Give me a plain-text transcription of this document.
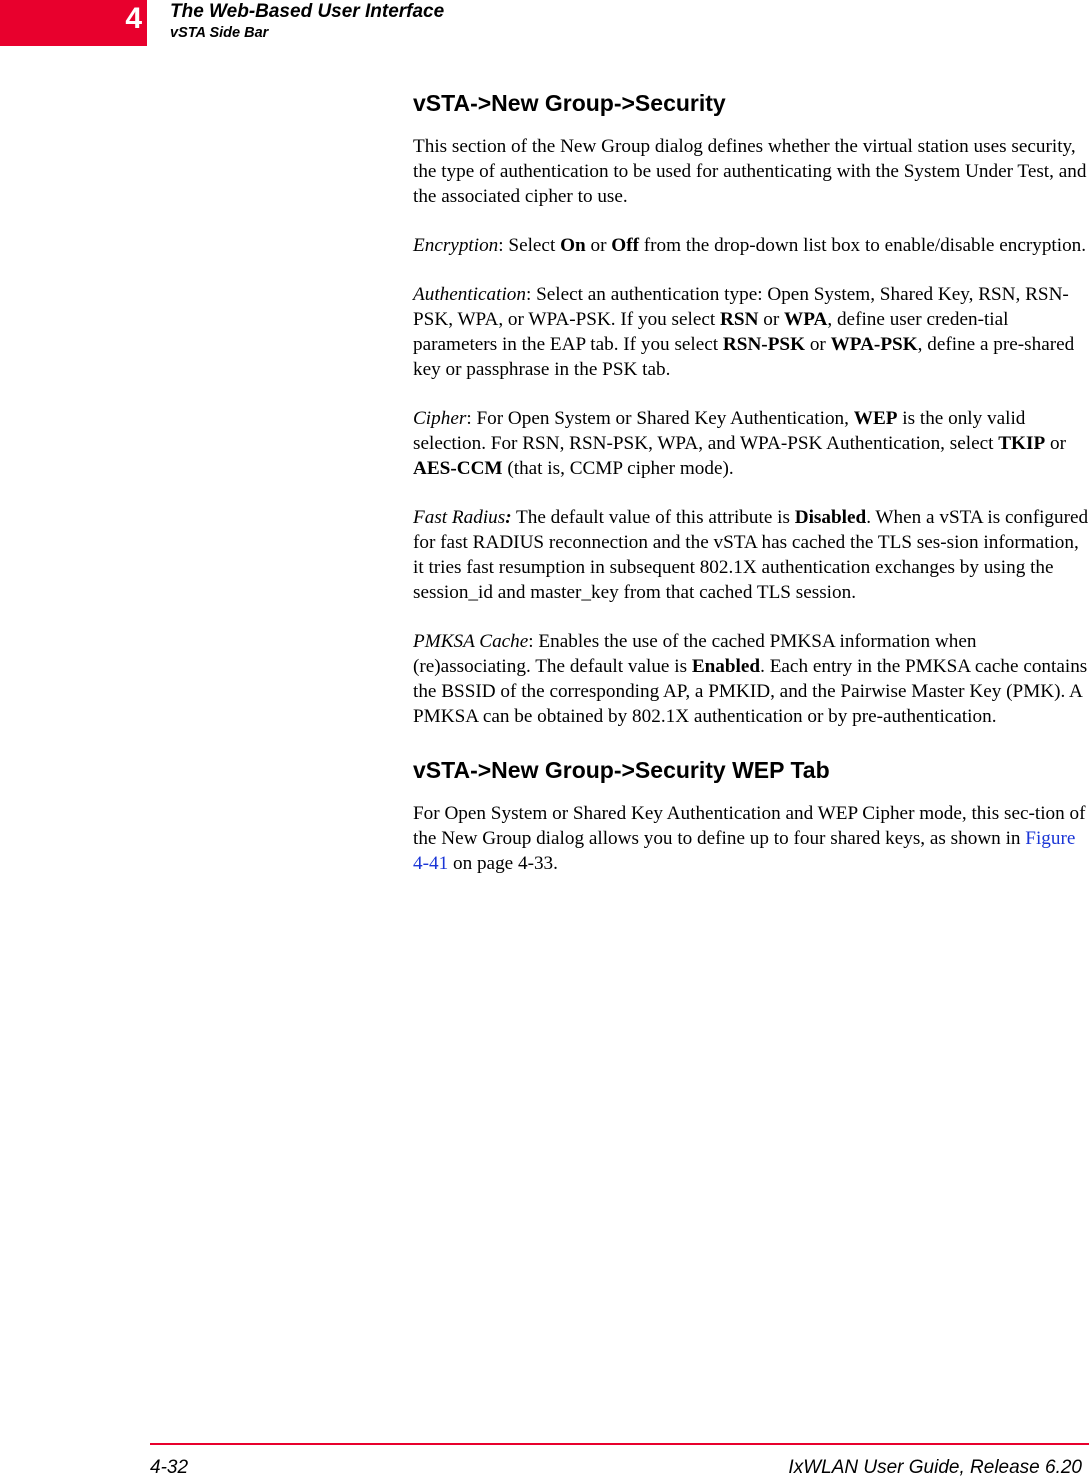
4 The Web-Based User Interface
vSTA Side Bar
vSTA->New Group->Security

This section of the New Group dialog defines whether the virtual station uses security, the type of authentication to be used for authenticating with the System Under Test, and the associated cipher to use.

Encryption: Select On or Off from the drop-down list box to enable/disable encryption.

Authentication: Select an authentication type: Open System, Shared Key, RSN, RSN-PSK, WPA, or WPA-PSK. If you select RSN or WPA, define user creden-tial parameters in the EAP tab. If you select RSN-PSK or WPA-PSK, define a pre-shared key or passphrase in the PSK tab.

Cipher: For Open System or Shared Key Authentication, WEP is the only valid selection. For RSN, RSN-PSK, WPA, and WPA-PSK Authentication, select TKIP or AES-CCM (that is, CCMP cipher mode).

Fast Radius: The default value of this attribute is Disabled. When a vSTA is configured for fast RADIUS reconnection and the vSTA has cached the TLS ses-sion information, it tries fast resumption in subsequent 802.1X authentication exchanges by using the session_id and master_key from that cached TLS session.

PMKSA Cache: Enables the use of the cached PMKSA information when (re)associating. The default value is Enabled. Each entry in the PMKSA cache contains the BSSID of the corresponding AP, a PMKID, and the Pairwise Master Key (PMK). A PMKSA can be obtained by 802.1X authentication or by pre-authentication.

vSTA->New Group->Security WEP Tab

For Open System or Shared Key Authentication and WEP Cipher mode, this sec-tion of the New Group dialog allows you to define up to four shared keys, as shown in Figure 4-41 on page 4-33.

4-32	IxWLAN User Guide, Release 6.20
